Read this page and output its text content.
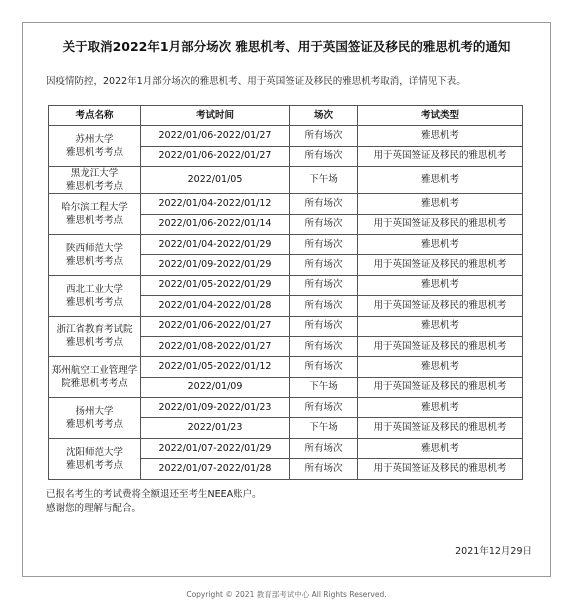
关于取消2022年1月部分场次 雅思机考、用于英国签证及移民的雅思机考的通知
因疫情防控，2022年1月部分场次的雅思机考、用于英国签证及移民的雅思机考取消，详情见下表。
考点名称	考试时间	场次	考试类型
苏州大学
雅思机考考点	2022/01/06-2022/01/27	所有场次	雅思机考
	2022/01/06-2022/01/27	所有场次	用于英国签证及移民的雅思机考
黑龙江大学
雅思机考考点	2022/01/05	下午场	雅思机考
哈尔滨工程大学
雅思机考考点	2022/01/04-2022/01/12	所有场次	雅思机考
	2022/01/06-2022/01/14	所有场次	用于英国签证及移民的雅思机考
陕西师范大学
雅思机考考点	2022/01/04-2022/01/29	所有场次	雅思机考
	2022/01/09-2022/01/29	所有场次	用于英国签证及移民的雅思机考
西北工业大学
雅思机考考点	2022/01/05-2022/01/29	所有场次	雅思机考
	2022/01/04-2022/01/28	所有场次	用于英国签证及移民的雅思机考
浙江省教育考试院
雅思机考考点	2022/01/06-2022/01/27	所有场次	雅思机考
	2022/01/08-2022/01/27	所有场次	用于英国签证及移民的雅思机考
郑州航空工业管理学
院雅思机考考点	2022/01/05-2022/01/12	所有场次	雅思机考
	2022/01/09	下午场	用于英国签证及移民的雅思机考
扬州大学
雅思机考考点	2022/01/09-2022/01/23	所有场次	雅思机考
	2022/01/23	下午场	用于英国签证及移民的雅思机考
沈阳师范大学
雅思机考考点	2022/01/07-2022/01/29	所有场次	雅思机考
	2022/01/07-2022/01/28	所有场次	用于英国签证及移民的雅思机考
已报名考生的考试费将全额退还至考生NEEA账户。
感谢您的理解与配合。
2021年12月29日
Copyright © 2021 教育部考试中心 All Rights Reserved.
